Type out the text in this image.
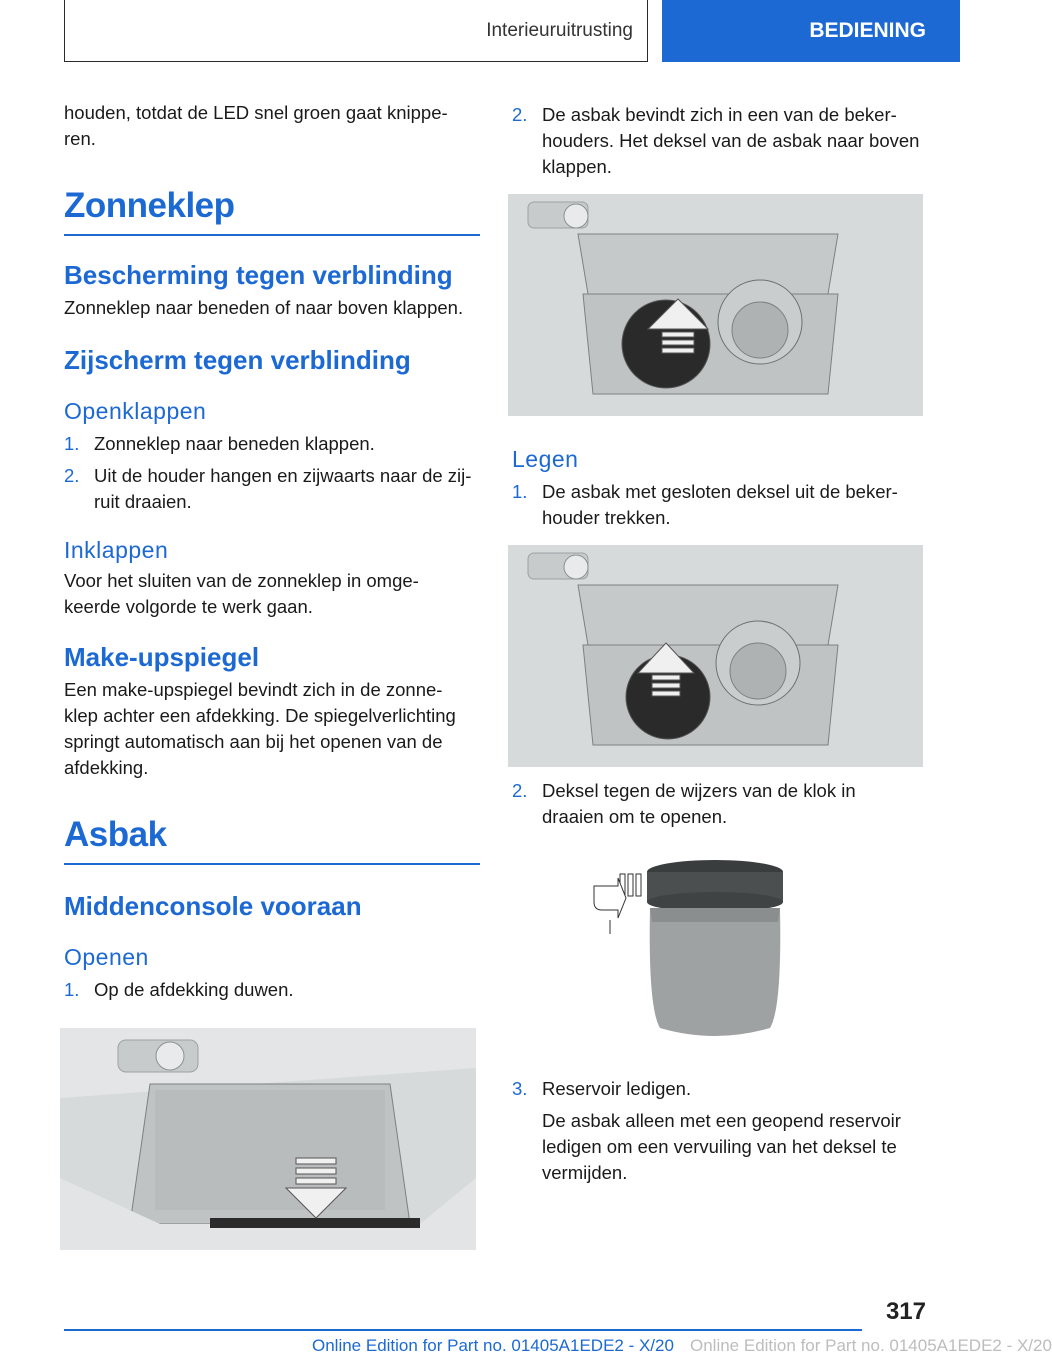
Interieuruitrusting	BEDIENING

houden, totdat de LED snel groen gaat knippe-
ren.

Zonneklep
Bescherming tegen verblinding

Zonneklep naar beneden of naar boven klappen.

Zijscherm tegen verblinding
Openklappen
1. Zonneklep naar beneden klappen.
2. Uit de houder hangen en zijwaarts naar de zij-
ruit draaien.
Inklappen

Voor het sluiten van de zonneklep in omge-
keerde volgorde te werk gaan.

Make-upspiegel

Een make-upspiegel bevindt zich in de zonne-
klep achter een afdekking. De spiegelverlichting
springt automatisch aan bij het openen van de
afdekking.

Asbak
Middenconsole vooraan
Openen
1. Op de afdekking duwen.
2. De asbak bevindt zich in een van de beker-
houders. Het deksel van de asbak naar boven
klappen.
Legen
1. De asbak met gesloten deksel uit de beker-
houder trekken.
2. Deksel tegen de wijzers van de klok in
draaien om te openen.
3. Reservoir ledigen.

De asbak alleen met een geopend reservoir
ledigen om een vervuiling van het deksel te
vermijden.

317
Online Edition for Part no. 01405A1EDE2 - X/20 Online Edition for Part no. 01405A1EDE2 - X/20
